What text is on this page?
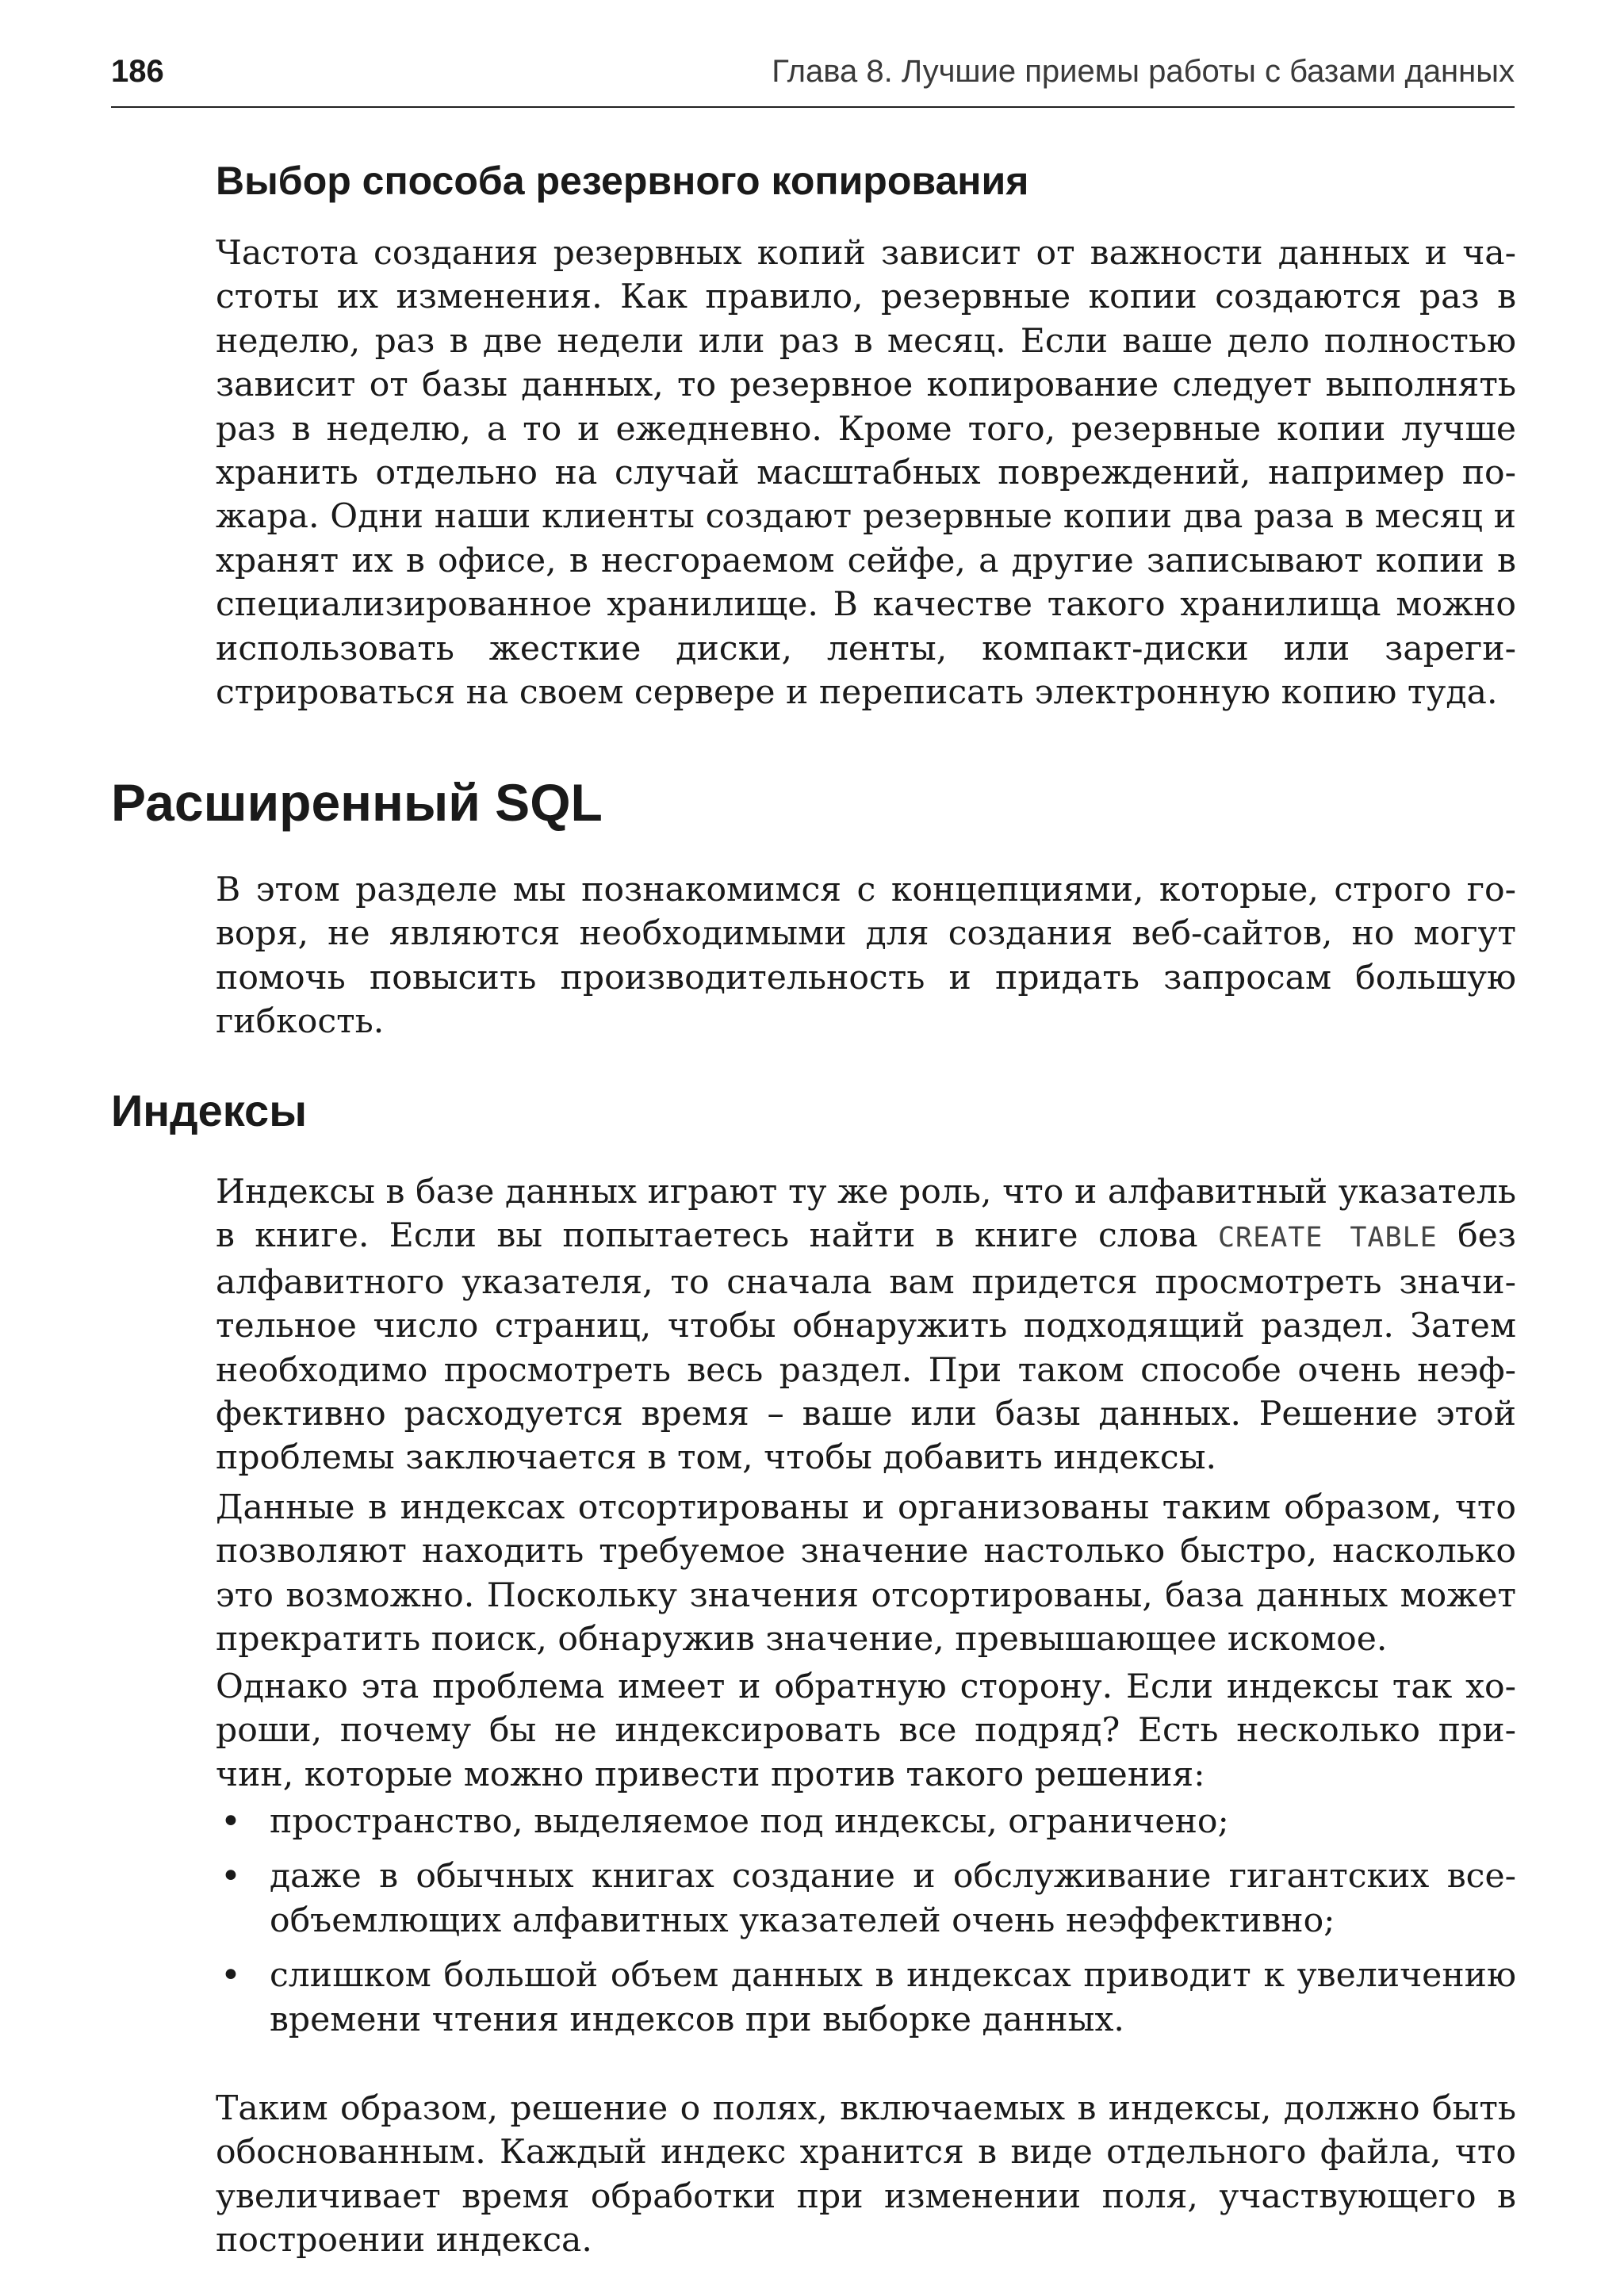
186	Глава 8. Лучшие приемы работы с базами данных
Выбор способа резервного копирования
Частота создания резервных копий зависит от важности данных и частоты их изменения. Как правило, резервные копии создаются раз в неделю, раз в две недели или раз в месяц. Если ваше дело полностью зависит от базы данных, то резервное копирование следует выполнять раз в неделю, а то и ежедневно. Кроме того, резервные копии лучше хранить отдельно на случай масштабных повреждений, например пожара. Одни наши клиенты создают резервные копии два раза в месяц и хранят их в офисе, в несгораемом сейфе, а другие записывают копии в специализированное хранилище. В качестве такого хранилища можно использовать жесткие диски, ленты, компакт-диски или зарегистрироваться на своем сервере и переписать электронную копию туда.
Расширенный SQL
В этом разделе мы познакомимся с концепциями, которые, строго говоря, не являются необходимыми для создания веб-сайтов, но могут помочь повысить производительность и придать запросам большую гибкость.
Индексы
Индексы в базе данных играют ту же роль, что и алфавитный указатель в книге. Если вы попытаетесь найти в книге слова CREATE TABLE без алфавитного указателя, то сначала вам придется просмотреть значительное число страниц, чтобы обнаружить подходящий раздел. Затем необходимо просмотреть весь раздел. При таком способе очень неэффективно расходуется время – ваше или базы данных. Решение этой проблемы заключается в том, чтобы добавить индексы.
Данные в индексах отсортированы и организованы таким образом, что позволяют находить требуемое значение настолько быстро, насколько это возможно. Поскольку значения отсортированы, база данных может прекратить поиск, обнаружив значение, превышающее искомое.
Однако эта проблема имеет и обратную сторону. Если индексы так хороши, почему бы не индексировать все подряд? Есть несколько причин, которые можно привести против такого решения:
• пространство, выделяемое под индексы, ограничено;
• даже в обычных книгах создание и обслуживание гигантских всеобъемлющих алфавитных указателей очень неэффективно;
• слишком большой объем данных в индексах приводит к увеличению времени чтения индексов при выборке данных.
Таким образом, решение о полях, включаемых в индексы, должно быть обоснованным. Каждый индекс хранится в виде отдельного файла, что увеличивает время обработки при изменении поля, участвующего в построении индекса.
